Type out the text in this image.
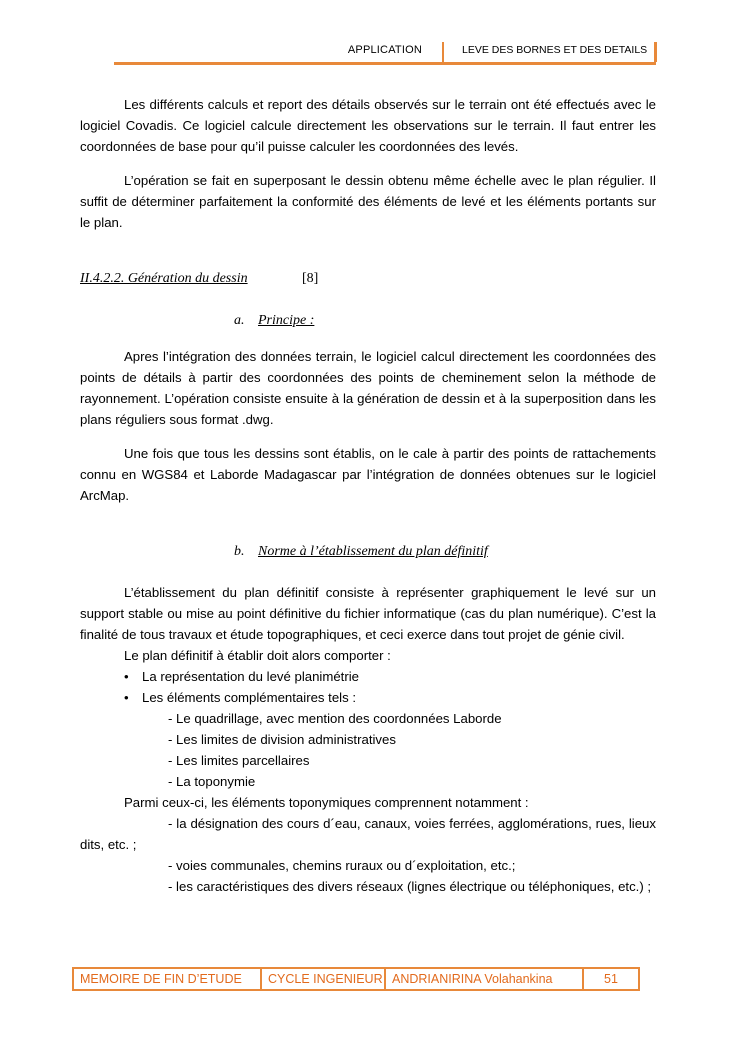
APPLICATION	LEVE DES BORNES ET DES DETAILS

Les différents calculs et report des détails observés sur le terrain ont été effectués avec le logiciel Covadis. Ce logiciel calcule directement les observations sur le terrain. Il faut entrer les coordonnées de base pour qu’il puisse calculer les coordonnées des levés.

L’opération se fait en superposant le dessin obtenu même échelle avec le plan régulier. Il suffit de déterminer parfaitement la conformité des éléments de levé et les éléments portants sur le plan.

II.4.2.2. Génération du dessin	[8]
a. Principe :

Apres l’intégration des données terrain, le logiciel calcul directement les coordonnées des points de détails à partir des coordonnées des points de cheminement selon la méthode de rayonnement. L’opération consiste ensuite à la génération de dessin et à la superposition dans les plans réguliers sous format .dwg.

Une fois que tous les dessins sont établis, on le cale à partir des points de rattachements connu en WGS84 et Laborde Madagascar par l’intégration de données obtenues sur le logiciel ArcMap.

b. Norme à l’établissement du plan définitif

L’établissement du plan définitif consiste à représenter graphiquement le levé sur un support stable ou mise au point définitive du fichier informatique (cas du plan numérique). C’est la finalité de tous travaux et étude topographiques, et ceci exerce dans tout projet de génie civil.

Le plan définitif à établir doit alors comporter :

• La représentation du levé planimétrie

• Les éléments complémentaires tels :

- Le quadrillage, avec mention des coordonnées Laborde

- Les limites de division administratives

- Les limites parcellaires

- La toponymie

Parmi ceux-ci, les éléments toponymiques comprennent notamment :

- la désignation des cours d´eau, canaux, voies ferrées, agglomérations, rues, lieux dits, etc. ;

- voies communales, chemins ruraux ou d´exploitation, etc.;

- les caractéristiques des divers réseaux (lignes électrique ou téléphoniques, etc.) ;

MEMOIRE DE FIN D’ETUDE	CYCLE INGENIEUR ANDRIANIRINA Volahankina	51
